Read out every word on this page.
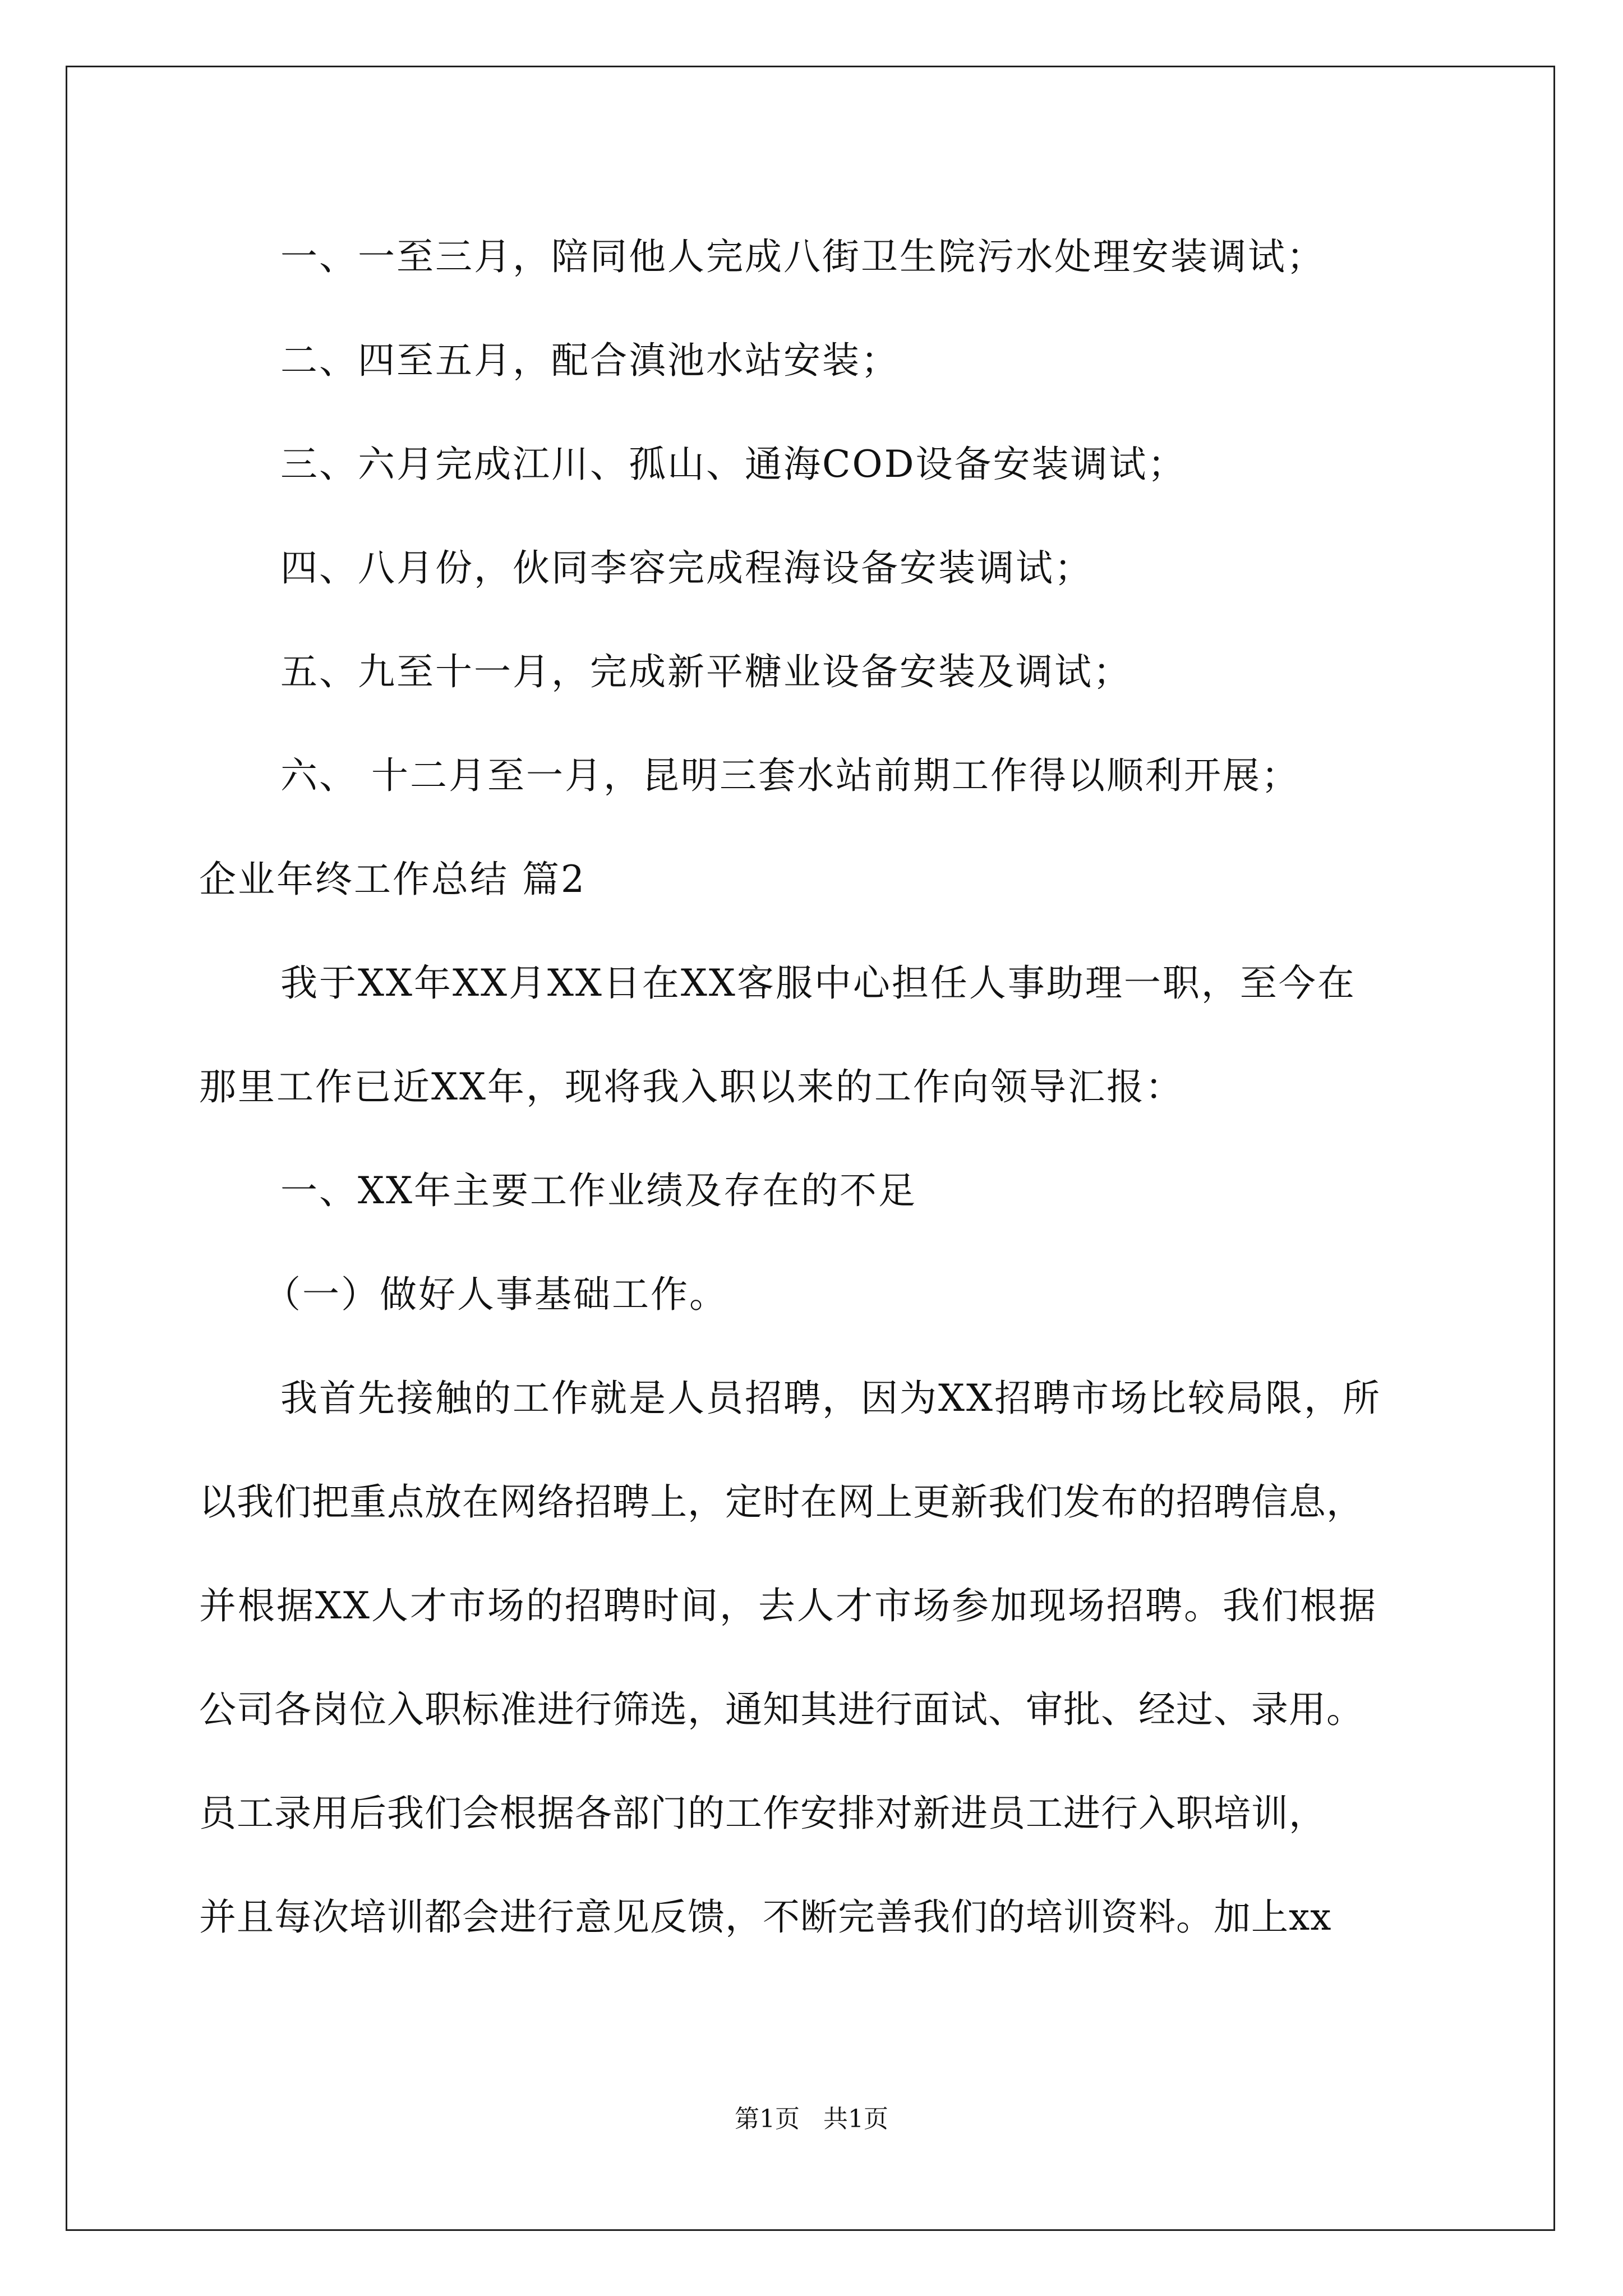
一、一至三月，陪同他人完成八街卫生院污水处理安装调试；
二、四至五月，配合滇池水站安装；
三、六月完成江川、孤山、通海COD设备安装调试；
四、八月份，伙同李容完成程海设备安装调试；
五、九至十一月，完成新平糖业设备安装及调试；
六、 十二月至一月，昆明三套水站前期工作得以顺利开展；
企业年终工作总结 篇2
我于XX年XX月XX日在XX客服中心担任人事助理一职，至今在
那里工作已近XX年，现将我入职以来的工作向领导汇报：
一、XX年主要工作业绩及存在的不足
（一）做好人事基础工作。
我首先接触的工作就是人员招聘，因为XX招聘市场比较局限，所
以我们把重点放在网络招聘上，定时在网上更新我们发布的招聘信息，
并根据XX人才市场的招聘时间，去人才市场参加现场招聘。我们根据
公司各岗位入职标准进行筛选，通知其进行面试、审批、经过、录用。
员工录用后我们会根据各部门的工作安排对新进员工进行入职培训，
并且每次培训都会进行意见反馈，不断完善我们的培训资料。加上xx
第1页   共1页
